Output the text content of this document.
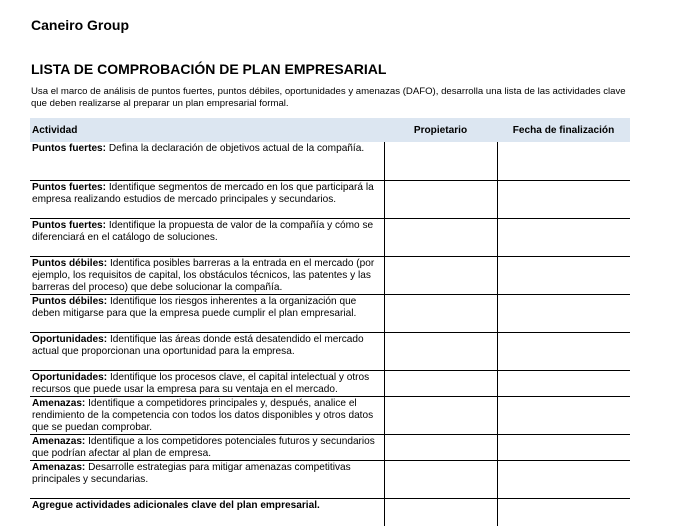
Caneiro Group
LISTA DE COMPROBACIÓN DE PLAN EMPRESARIAL
Usa el marco de análisis de puntos fuertes, puntos débiles, oportunidades y amenazas (DAFO), desarrolla una lista de las actividades clave que deben realizarse al preparar un plan empresarial formal.
Actividad	Propietario	Fecha de finalización
Puntos fuertes: Defina la declaración de objetivos actual de la compañía.		
Puntos fuertes: Identifique segmentos de mercado en los que participará la empresa realizando estudios de mercado principales y secundarios.		
Puntos fuertes: Identifique la propuesta de valor de la compañía y cómo se diferenciará en el catálogo de soluciones.		
Puntos débiles: Identifica posibles barreras a la entrada en el mercado (por ejemplo, los requisitos de capital, los obstáculos técnicos, las patentes y las barreras del proceso) que debe solucionar la compañía.		
Puntos débiles: Identifique los riesgos inherentes a la organización que deben mitigarse para que la empresa puede cumplir el plan empresarial.		
Oportunidades: Identifique las áreas donde está desatendido el mercado actual que proporcionan una oportunidad para la empresa.		
Oportunidades: Identifique los procesos clave, el capital intelectual y otros recursos que puede usar la empresa para su ventaja en el mercado.		
Amenazas: Identifique a competidores principales y, después, analice el rendimiento de la competencia con todos los datos disponibles y otros datos que se puedan comprobar.		
Amenazas: Identifique a los competidores potenciales futuros y secundarios que podrían afectar al plan de empresa.		
Amenazas: Desarrolle estrategias para mitigar amenazas competitivas principales y secundarias.		
Agregue actividades adicionales clave del plan empresarial.		
